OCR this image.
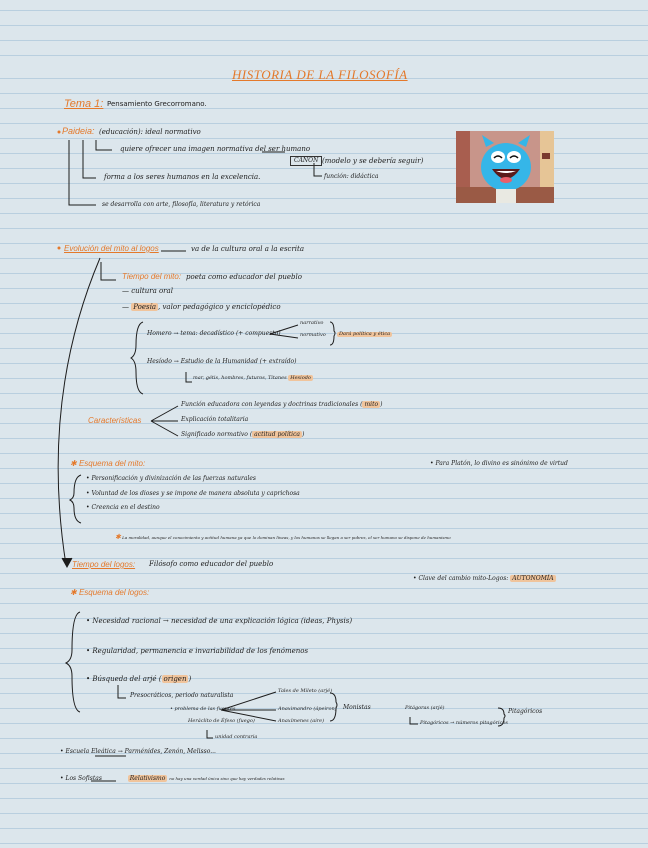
HISTORIA DE LA FILOSOFÍA
Tema 1: Pensamiento Grecorromano.
Paideia: (educación): ideal normativo
quiere ofrecer una imagen normativa del ser humano
CANON (modelo y se debería seguir)
forma a los seres humanos en la excelencia.	función: didáctica
se desarrolla con arte, filosofía, literatura y retórica
Evolución del mito al logos	va de la cultura oral a la escrita
Tiempo del mito: poeta como educador del pueblo
— cultura oral
— Poesía , valor pedagógico y enciclopédico
Homero → tema: decadístico (+ compuesto)
narrativo
normativo	Dará política y ética
Hesíodo → Estudio de la Humanidad (+ extraído)
mar, gétis, hombres, futuros, Titanes Hesiodo
Características
Función educadora con leyendas y doctrinas tradicionales ( mito )
Explicación totalitaria
Significado normativo ( actitud política )
✱ Esquema del mito:	• Para Platón, lo divino es sinónimo de virtud
• Personificación y divinización de las fuerzas naturales
• Voluntad de los dioses y se impone de manera absoluta y caprichosa
• Creencia en el destino
✱ La moralidad, aunque el conocimiento y actitud humana ya que lo dominan líneas, y los humanos se llegan a ser pobres, el ser humano se dispone de humanismo
Tiempo del logos: Filósofo como educador del pueblo
• Clave del cambio mito-Logos: AUTONOMÍA
✱ Esquema del logos:
• Necesidad racional → necesidad de una explicación lógica (ideas, Physis)
• Regularidad, permanencia e invariabilidad de los fenómenos
• Búsqueda del arjé ( origen )
Presocráticos, periodo naturalista
Tales de Mileto (arjé)
• problema de las fuentes	Anaximandro (ápeiron)
Anaxímenes (aire)
Monistas	Pitágoras (arjé)	Pitagóricos
Pitagóricos → números pitagóricos
Heráclito de Éfeso (fuego)
unidad contraria
• Escuela Eleática → Parménides, Zenón, Melisso...
• Los Sofistas	Relativismo no hay una verdad única sino que hay verdades relativas
